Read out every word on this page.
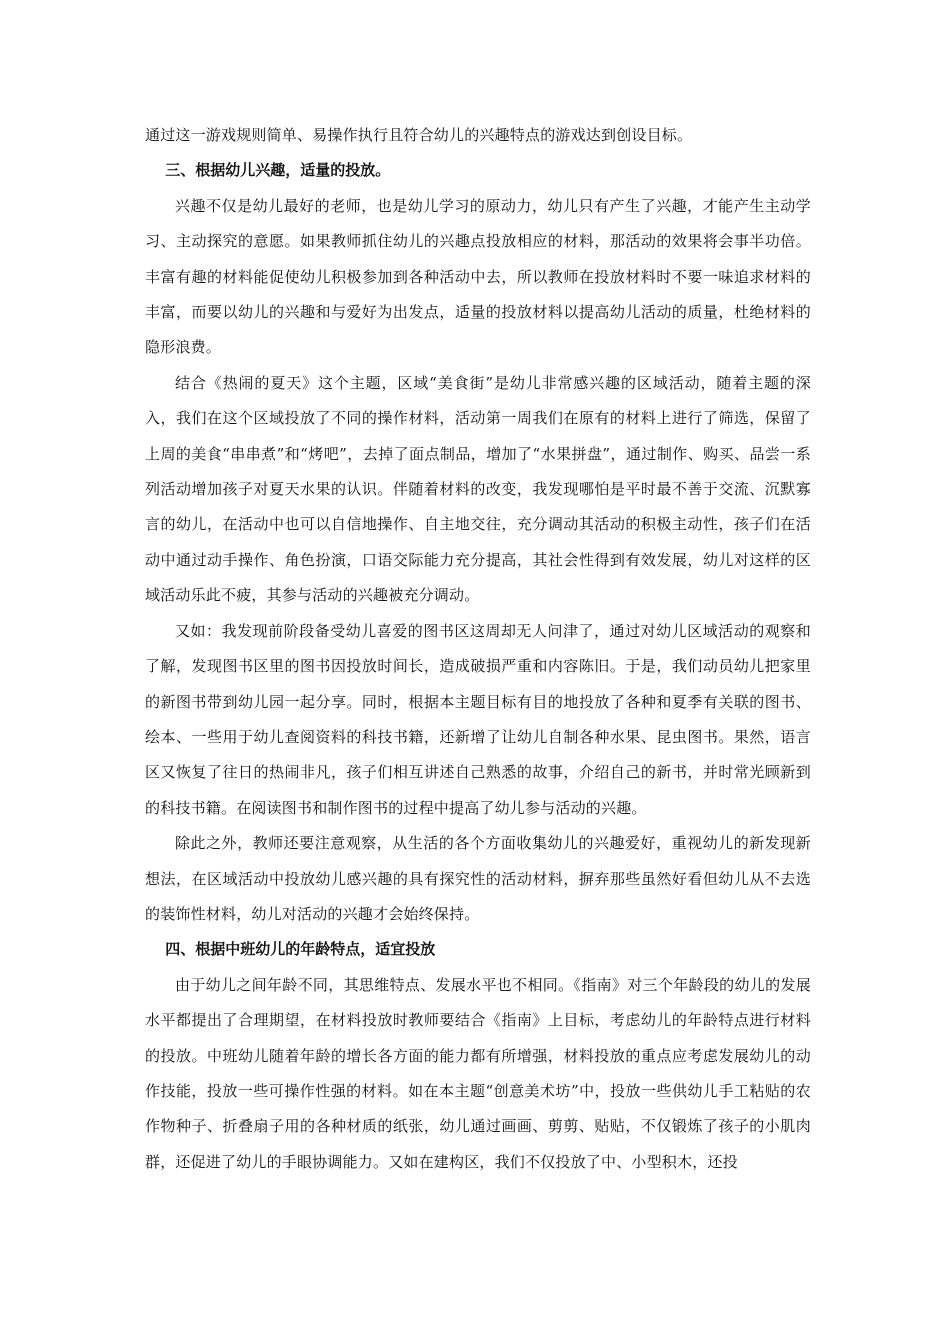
通过这一游戏规则简单、易操作执行且符合幼儿的兴趣特点的游戏达到创设目标。

三、根据幼儿兴趣，适量的投放。

兴趣不仅是幼儿最好的老师，也是幼儿学习的原动力，幼儿只有产生了兴趣，才能产生主动学习、主动探究的意愿。如果教师抓住幼儿的兴趣点投放相应的材料，那活动的效果将会事半功倍。丰富有趣的材料能促使幼儿积极参加到各种活动中去，所以教师在投放材料时不要一味追求材料的丰富，而要以幼儿的兴趣和与爱好为出发点，适量的投放材料以提高幼儿活动的质量，杜绝材料的隐形浪费。

结合《热闹的夏天》这个主题，区域“美食街”是幼儿非常感兴趣的区域活动，随着主题的深入，我们在这个区域投放了不同的操作材料，活动第一周我们在原有的材料上进行了筛选，保留了上周的美食“串串煮”和“烤吧”，去掉了面点制品，增加了“水果拼盘”，通过制作、购买、品尝一系列活动增加孩子对夏天水果的认识。伴随着材料的改变，我发现哪怕是平时最不善于交流、沉默寡言的幼儿，在活动中也可以自信地操作、自主地交往，充分调动其活动的积极主动性，孩子们在活动中通过动手操作、角色扮演，口语交际能力充分提高，其社会性得到有效发展，幼儿对这样的区域活动乐此不疲，其参与活动的兴趣被充分调动。

又如：我发现前阶段备受幼儿喜爱的图书区这周却无人问津了，通过对幼儿区域活动的观察和了解，发现图书区里的图书因投放时间长，造成破损严重和内容陈旧。于是，我们动员幼儿把家里的新图书带到幼儿园一起分享。同时，根据本主题目标有目的地投放了各种和夏季有关联的图书、绘本、一些用于幼儿查阅资料的科技书籍，还新增了让幼儿自制各种水果、昆虫图书。果然，语言区又恢复了往日的热闹非凡，孩子们相互讲述自己熟悉的故事，介绍自己的新书，并时常光顾新到的科技书籍。在阅读图书和制作图书的过程中提高了幼儿参与活动的兴趣。

除此之外，教师还要注意观察，从生活的各个方面收集幼儿的兴趣爱好，重视幼儿的新发现新想法，在区域活动中投放幼儿感兴趣的具有探究性的活动材料，摒弃那些虽然好看但幼儿从不去选的装饰性材料，幼儿对活动的兴趣才会始终保持。

四、根据中班幼儿的年龄特点，适宜投放

由于幼儿之间年龄不同，其思维特点、发展水平也不相同。《指南》对三个年龄段的幼儿的发展水平都提出了合理期望，在材料投放时教师要结合《指南》上目标，考虑幼儿的年龄特点进行材料的投放。中班幼儿随着年龄的增长各方面的能力都有所增强，材料投放的重点应考虑发展幼儿的动作技能，投放一些可操作性强的材料。如在本主题“创意美术坊”中，投放一些供幼儿手工粘贴的农作物种子、折叠扇子用的各种材质的纸张，幼儿通过画画、剪剪、贴贴，不仅锻炼了孩子的小肌肉群，还促进了幼儿的手眼协调能力。又如在建构区，我们不仅投放了中、小型积木，还投
